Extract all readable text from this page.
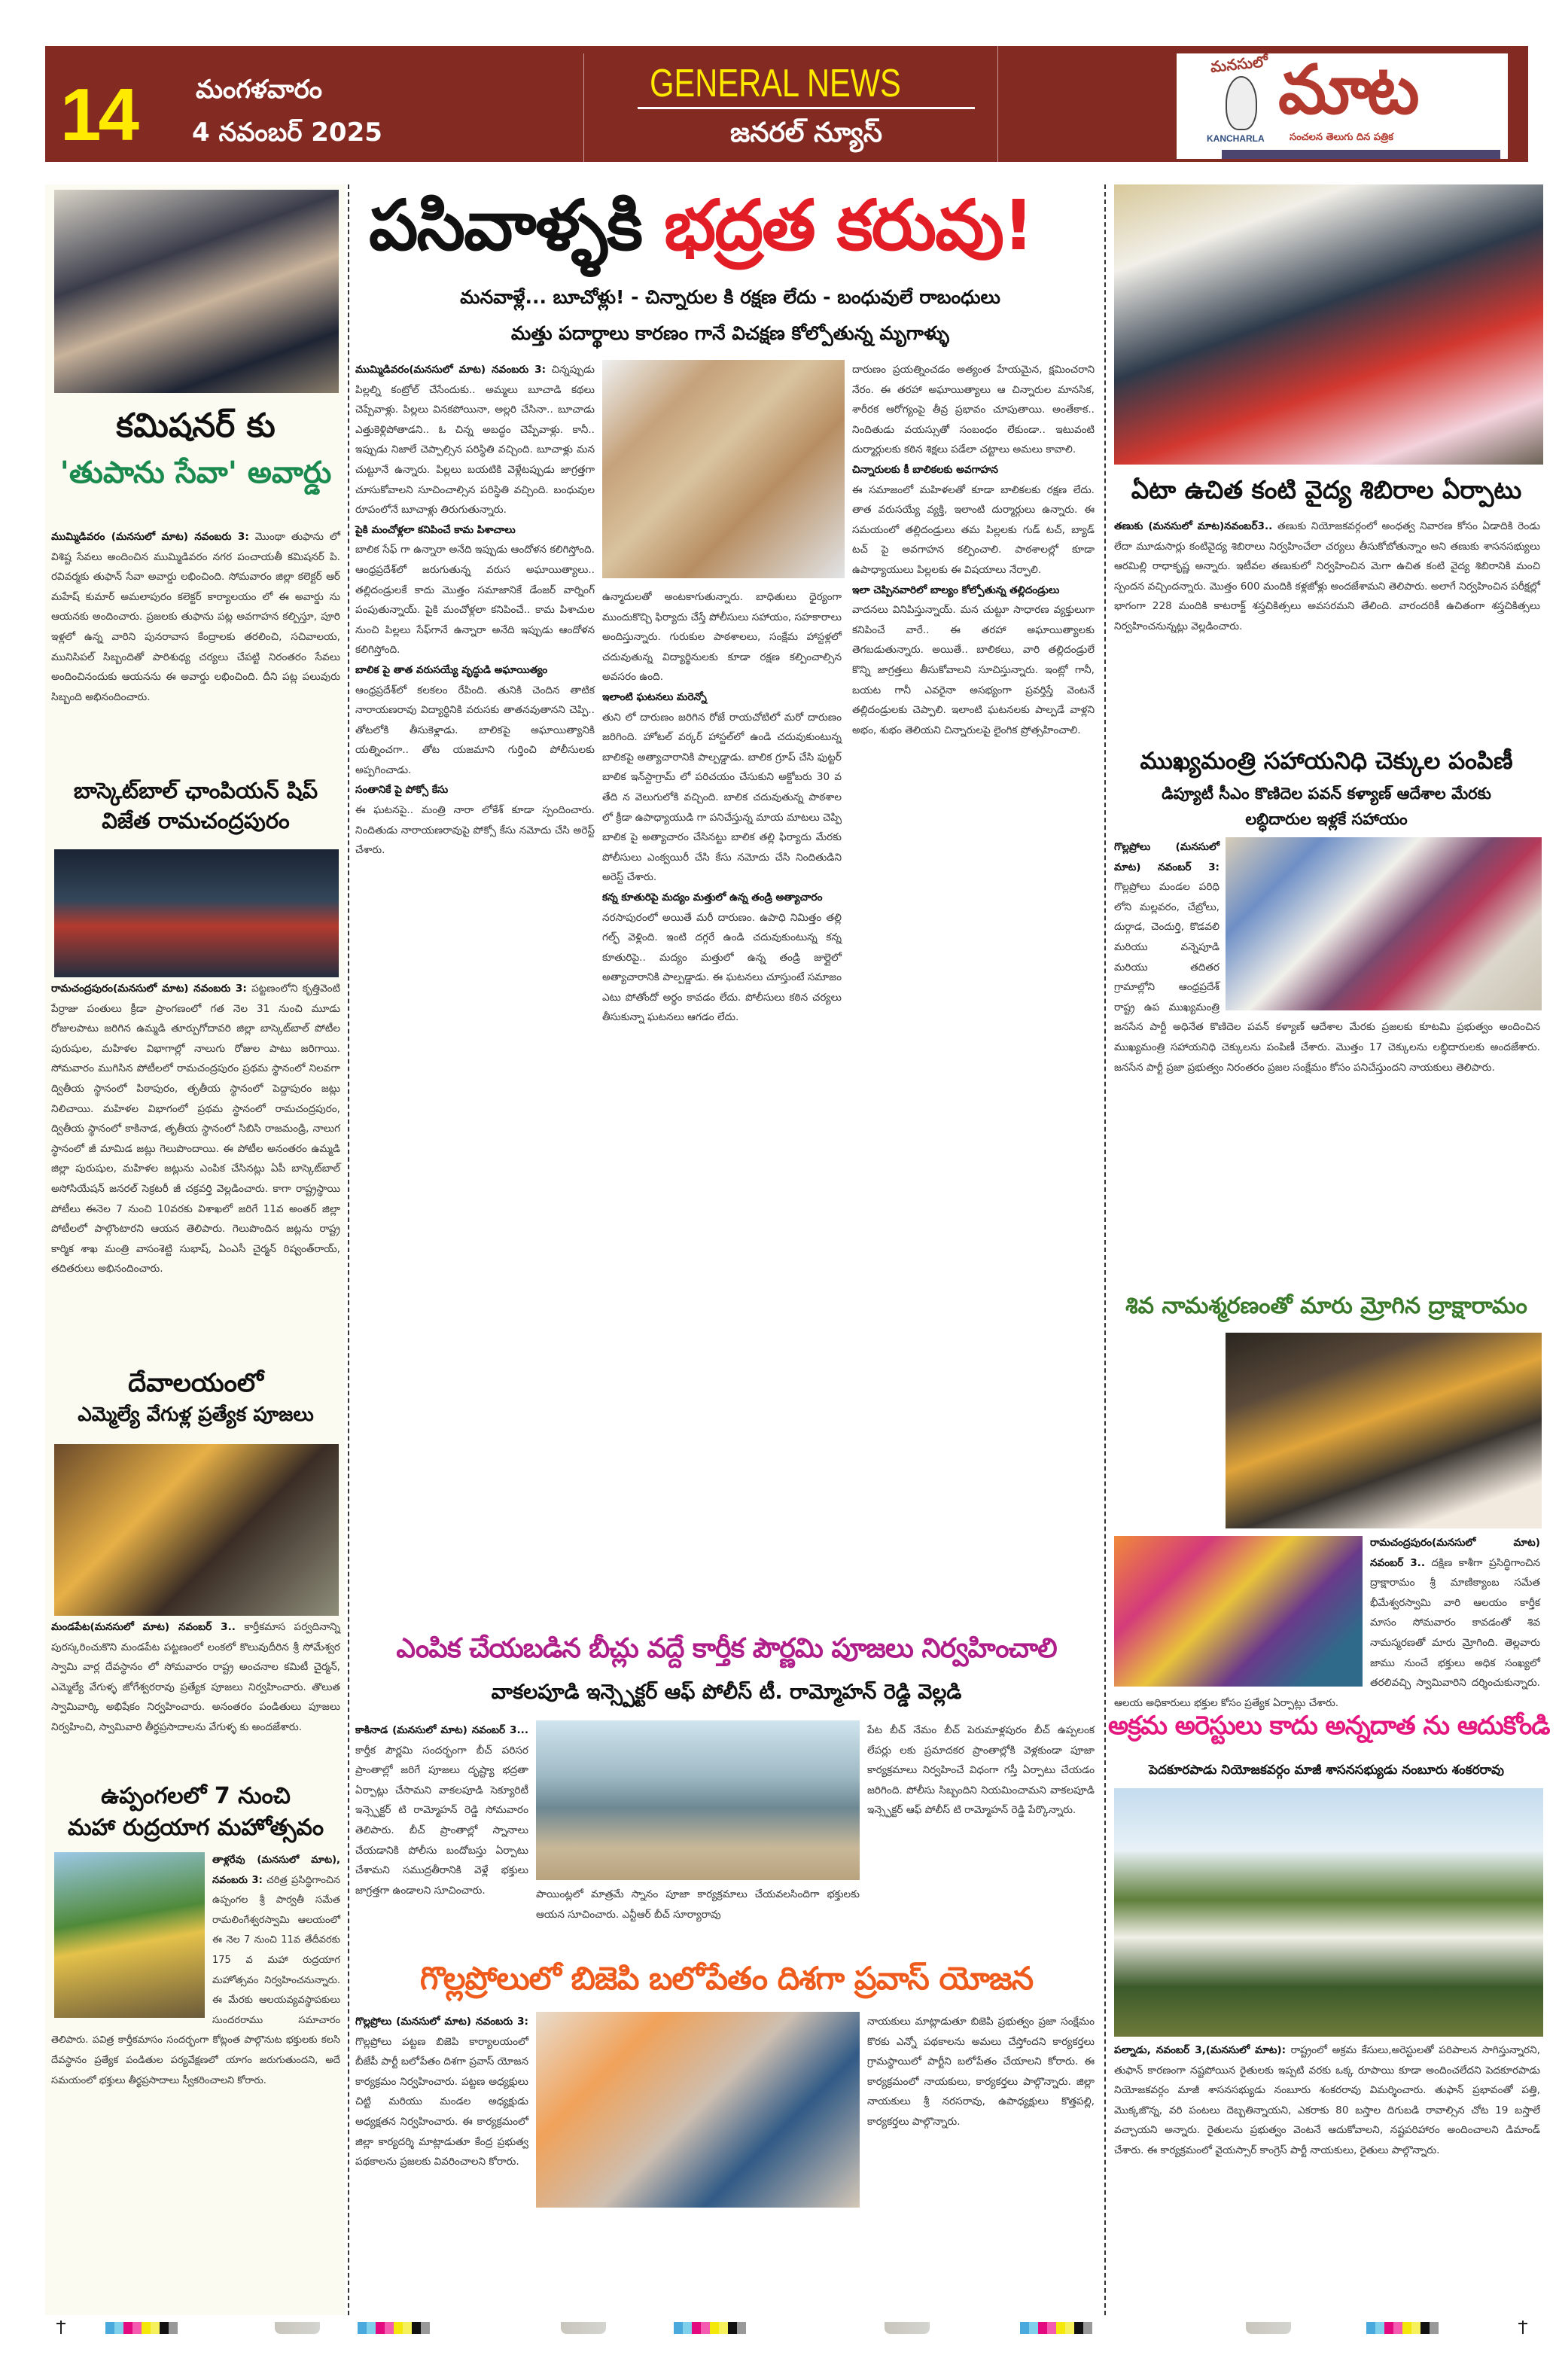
14 మంగళవారం
4 నవంబర్ 2025
GENERAL NEWS
జనరల్ న్యూస్
మనసులో మాట
KANCHARLA	సంచలన తెలుగు దిన పత్రిక
కమిషనర్ కు
'తుపాను సేవా' అవార్డు
ముమ్మిడివరం (మనసులో మాట) నవంబరు 3: మొంథా తుఫాను లో విశిష్ట సేవలు అందించిన ముమ్మిడివరం నగర పంచాయతీ కమిషనర్ పి. రవివర్మకు తుఫాన్ సేవా అవార్డు లభించింది. సోమవారం జిల్లా కలెక్టర్ ఆర్ మహేష్ కుమార్ అమలాపురం కలెక్టర్ కార్యాలయం లో ఈ అవార్డు ను ఆయనకు అందించారు. ప్రజలకు తుఫాను పట్ల అవగాహన కల్పిస్తూ, పూరి ఇళ్లలో ఉన్న వారిని పునరావాస కేంద్రాలకు తరలించి, సచివాలయ, మునిసిపల్ సిబ్బందితో పారిశుధ్య చర్యలు చేపట్టి నిరంతరం సేవలు అందించినందుకు ఆయనను ఈ అవార్డు లభించింది. దీని పట్ల పలువురు సిబ్బంది అభినందించారు.
బాస్కెట్‌బాల్ ఛాంపియన్ షిప్ విజేత రామచంద్రపురం
రామచంద్రపురం(మనసులో మాట) నవంబరు 3: పట్టణంలోని కృత్తివెంటి పేర్రాజు పంతులు క్రీడా ప్రాంగణంలో గత నెల 31 నుంచి మూడు రోజులపాటు జరిగిన ఉమ్మడి తూర్పుగోదావరి జిల్లా బాస్కెట్‌బాల్ పోటీల పురుషుల, మహిళల విభాగాల్లో నాలుగు రోజుల పాటు జరిగాయి. సోమవారం ముగిసిన పోటీలలో రామచంద్రపురం ప్రథమ స్థానంలో నిలవగా ద్వితీయ స్థానంలో పిఠాపురం, తృతీయ స్థానంలో పెద్దాపురం జట్లు నిలిచాయి. మహిళల విభాగంలో ప్రథమ స్థానంలో రామచంద్రపురం, ద్వితీయ స్థానంలో కాకినాడ, తృతీయ స్థానంలో సిబిసి రాజమండ్రి, నాలుగ స్థానంలో జీ మామిడ జట్లు గెలుపొందాయి. ఈ పోటీల అనంతరం ఉమ్మడి జిల్లా పురుషుల, మహిళల జట్లును ఎంపిక చేసినట్లు ఏపీ బాస్కెట్‌బాల్ అసోసియేషన్ జనరల్ సెక్రటరీ జీ చక్రవర్తి వెల్లడించారు. కాగా రాష్ట్రస్థాయి పోటీలు ఈనెల 7 నుంచి 10వరకు విశాఖలో జరిగే 11వ అంతర్ జిల్లా పోటీలలో పాల్గొంటారని ఆయన తెలిపారు. గెలుపొందిన జట్లను రాష్ట్ర కార్మిక శాఖ మంత్రి వాసంశెట్టి సుభాష్, ఏంఎసీ చైర్మన్ రిష్వంత్‌రాయ్, తదితరులు అభినందించారు.
దేవాలయంలో
ఎమ్మెల్యే వేగుళ్ల ప్రత్యేక పూజలు
మండపేట(మనసులో మాట) నవంబర్ 3.. కార్తీకమాస పర్వదినాన్ని పురస్కరించుకొని మండపేట పట్టణంలో లంకలో కొలువుదీరిన శ్రీ సోమేశ్వర స్వామి వార్ల దేవస్థానం లో సోమవారం రాష్ట్ర అంచనాల కమిటీ చైర్మన్, ఎమ్మెల్యే వేగుళ్ళ జోగేశ్వరరావు ప్రత్యేక పూజలు నిర్వహించారు. తొలుత స్వామివార్కి అభిషేకం నిర్వహించారు. అనంతరం పండితులు పూజలు నిర్వహించి, స్వామివారి తీర్థప్రసాదాలను వేగుళ్ళ కు అందజేశారు.
ఉప్పంగలలో 7 నుంచి
మహా రుద్రయాగ మహోత్సవం
తాళ్లరేవు (మనసులో మాట), నవంబరు 3: చరిత్ర ప్రసిద్ధిగాంచిన ఉప్పంగల శ్రీ పార్వతీ సమేత రామలింగేశ్వరస్వామి ఆలయంలో ఈ నెల 7 నుంచి 11వ తేదీవరకు 175 వ మహా రుద్రయాగ మహోత్సవం నిర్వహించనున్నారు. ఈ మేరకు ఆలయవ్యవస్థాపకులు సుందరరాము సమాచారం తెలిపారు. పవిత్ర కార్తీకమాసం సందర్భంగా కోట్లంత పాల్గొనుట భక్తులకు కలసి దేవస్థానం ప్రత్యేక పండితుల పర్యవేక్షణలో యాగం జరుగుతుందని, అదే సమయంలో భక్తులు తీర్థప్రసాదాలు స్వీకరించాలని కోరారు.
పసివాళ్ళకి భద్రత కరువు!
మనవాళ్లే... బూచోళ్లు! - చిన్నారుల కి రక్షణ లేదు - బంధువులే రాబంధులు
మత్తు పదార్థాలు కారణం గానే విచక్షణ కోల్పోతున్న మృగాళ్ళు
ముమ్మిడివరం(మనసులో మాట) నవంబరు 3: చిన్నప్పుడు పిల్లల్ని కంట్రోల్ చేసేందుకు.. అమ్మలు బూచాడి కథలు చెప్పేవాళ్లు. పిల్లలు వినకపోయినా, అల్లరి చేసినా.. బూచాడు ఎత్తుకెళ్లిపోతాడని.. ఓ చిన్న అబద్ధం చెప్పేవాళ్లు. కానీ.. ఇప్పుడు నిజాలే చెప్పాల్సిన పరిస్థితి వచ్చింది. బూచాళ్లు మన చుట్టూనే ఉన్నారు. పిల్లలు బయటికి వెళ్లేటప్పుడు జాగ్రత్తగా చూసుకోవాలని సూచించాల్సిన పరిస్థితి వచ్చింది. బంధువుల రూపంలోనే బూచాళ్లు తిరుగుతున్నారు.
పైకి మంచోళ్లలా కనిపించే కామ పిశాచాలు
బాలిక సేఫ్ గా ఉన్నారా అనేది ఇప్పుడు ఆందోళన కలిగిస్తోంది. ఆంధ్రప్రదేశ్‌లో జరుగుతున్న వరుస అఘాయిత్యాలు.. తల్లిదండ్రులకే కాదు మొత్తం సమాజానికే డేంజర్ వార్నింగ్ పంపుతున్నాయ్. పైకి మంచోళ్లలా కనిపించే.. కామ పిశాచుల నుంచి పిల్లలు సేఫ్‌గానే ఉన్నారా అనేది ఇప్పుడు ఆందోళన కలిగిస్తోంది.
బాలిక పై తాత వరుసయ్యే వృద్ధుడి అఘాయిత్యం
ఆంధ్రప్రదేశ్‌లో కలకలం రేపింది. తునికి చెందిన తాటిక నారాయణరావు విద్యార్థినికి వరుసకు తాతనవుతానని చెప్పి.. తోటలోకి తీసుకెళ్లాడు. బాలికపై అఘాయిత్యానికి యత్నించగా.. తోట యజమాని గుర్తించి పోలీసులకు అప్పగించాడు.
సంతానికే పై పోక్సో కేసు
ఈ ఘటనపై.. మంత్రి నారా లోకేశ్ కూడా స్పందించారు. నిందితుడు నారాయణరావుపై పోక్సో కేసు నమోదు చేసి అరెస్ట్ చేశారు.
ఉన్మాదులతో అంటకాగుతున్నారు. బాధితులు ధైర్యంగా ముందుకొచ్చి ఫిర్యాదు చేస్తే పోలీసులు సహాయం, సహకారాలు అందిస్తున్నారు. గురుకుల పాఠశాలలు, సంక్షేమ హాస్టళ్లలో చదువుతున్న విద్యార్థినులకు కూడా రక్షణ కల్పించాల్సిన అవసరం ఉంది.
ఇలాంటి ఘటనలు మరెన్నో
తుని లో దారుణం జరిగిన రోజే రాయచోటిలో మరో దారుణం జరిగింది. హోటల్ వర్కర్ హాస్టల్‌లో ఉండి చదువుకుంటున్న బాలికపై అత్యాచారానికి పాల్పడ్డాడు. బాలిక గ్రూప్ చేసి ఫుట్టర్ బాలిక ఇన్‌స్టాగ్రామ్ లో పరిచయం చేసుకుని అక్టోబరు 30 వ తేది న వెలుగులోకి వచ్చింది. బాలిక చదువుతున్న పాఠశాల లో క్రీడా ఉపాధ్యాయుడి గా పనిచేస్తున్న మాయ మాటలు చెప్పి బాలిక పై అత్యాచారం చేసినట్టు బాలిక తల్లి ఫిర్యాదు మేరకు పోలీసులు ఎంక్వయిరీ చేసి కేసు నమోదు చేసి నిందితుడిని అరెస్ట్ చేశారు.
కన్న కూతురిపై మద్యం మత్తులో ఉన్న తండ్రి అత్యాచారం
నరసాపురంలో అయితే మరీ దారుణం. ఉపాధి నిమిత్తం తల్లి గల్ఫ్ వెళ్లింది. ఇంటి దగ్గరే ఉండి చదువుకుంటున్న కన్న కూతురిపై.. మద్యం మత్తులో ఉన్న తండ్రి జుల్లైలో అత్యాచారానికి పాల్పడ్డాడు. ఈ ఘటనలు చూస్తుంటే సమాజం ఎటు పోతోందో అర్థం కావడం లేదు. పోలీసులు కఠిన చర్యలు తీసుకున్నా ఘటనలు ఆగడం లేదు.
దారుణం ప్రయత్నించడం అత్యంత హేయమైన, క్షమించరాని నేరం. ఈ తరహా అఘాయిత్యాలు ఆ చిన్నారుల మానసిక, శారీరక ఆరోగ్యంపై తీవ్ర ప్రభావం చూపుతాయి. అంతేకాక.. నిందితుడు వయస్సుతో సంబంధం లేకుండా.. ఇటువంటి దుర్మార్గులకు కఠిన శిక్షలు పడేలా చట్టాలు అమలు కావాలి.
చిన్నారులకు కీ బాలికలకు అవగాహన
ఈ సమాజంలో మహిళలతో కూడా బాలికలకు రక్షణ లేదు. తాత వరుసయ్యే వ్యక్తి, ఇలాంటి దుర్మార్గులు ఉన్నారు. ఈ సమయంలో తల్లిదండ్రులు తమ పిల్లలకు గుడ్ టచ్, బ్యాడ్ టచ్ పై అవగాహన కల్పించాలి. పాఠశాలల్లో కూడా ఉపాధ్యాయులు పిల్లలకు ఈ విషయాలు నేర్పాలి.
ఇలా చెప్పినవారిలో బాల్యం కోల్పోతున్న తల్లిదండ్రులు
వాదనలు వినిపిస్తున్నాయ్. మన చుట్టూ సాధారణ వ్యక్తులుగా కనిపించే వారే.. ఈ తరహా అఘాయిత్యాలకు తెగబడుతున్నారు. అయితే.. బాలికలు, వారి తల్లిదండ్రులే కొన్ని జాగ్రత్తలు తీసుకోవాలని సూచిస్తున్నారు. ఇంట్లో గానీ, బయట గానీ ఎవరైనా అసభ్యంగా ప్రవర్తిస్తే వెంటనే తల్లిదండ్రులకు చెప్పాలి. ఇలాంటి ఘటనలకు పాల్పడే వాళ్లని అభం, శుభం తెలియని చిన్నారులపై లైంగిక ప్రోత్సహించాలి.
ఎంపిక చేయబడిన బీచ్లు వద్దే కార్తీక పౌర్ణమి పూజలు నిర్వహించాలి
వాకలపూడి ఇన్స్పెక్టర్ ఆఫ్ పోలీస్ టీ. రామ్మోహన్ రెడ్డి వెల్లడి
కాకినాడ (మనసులో మాట) నవంబర్ 3... కార్తీక పౌర్ణమి సందర్భంగా బీచ్ పరిసర ప్రాంతాల్లో జరిగే పూజలు దృష్ట్యా భద్రతా ఏర్పాట్లు చేసామని వాకలపూడి సెక్యూరిటీ ఇన్స్పెక్టర్ టి రామ్మోహన్ రెడ్డి సోమవారం తెలిపారు. బీచ్ ప్రాంతాల్లో స్నానాలు చేయడానికి పోలీసు బందోబస్తు ఏర్పాటు చేశామని సముద్రతీరానికి వెళ్లే భక్తులు జాగ్రత్తగా ఉండాలని సూచించారు.	పాయింట్లలో మాత్రమే స్నానం పూజా కార్యక్రమాలు చేయవలసిందిగా భక్తులకు ఆయన సూచించారు. ఎన్టీఆర్ బీచ్ సూర్యారావు
పేట బీచ్ నేమం బీచ్ పెరుమాళ్లపురం బీచ్ ఉప్పలంక లేపర్లు లకు ప్రమాదకర ప్రాంతాల్లోకి వెళ్లకుండా పూజా కార్యక్రమాలు నిర్వహించే విధంగా గస్తీ ఏర్పాటు చేయడం జరిగింది. పోలీసు సిబ్బందిని నియమించామని వాకలపూడి ఇన్స్పెక్టర్ ఆఫ్ పోలీస్ టి రామ్మోహన్ రెడ్డి పేర్కొన్నారు.
గొల్లప్రోలులో బిజెపి బలోపేతం దిశగా ప్రవాస్ యోజన
గొల్లప్రోలు (మనసులో మాట) నవంబరు 3: గొల్లప్రోలు పట్టణ బిజెపి కార్యాలయంలో బీజేపీ పార్టీ బలోపేతం దిశగా ప్రవాస్ యోజన కార్యక్రమం నిర్వహించారు. పట్టణ అధ్యక్షులు చిట్టి మరియు మండల అధ్యక్షుడు అధ్యక్షతన నిర్వహించారు. ఈ కార్యక్రమంలో జిల్లా కార్యదర్శి మాట్లాడుతూ కేంద్ర ప్రభుత్వ పథకాలను ప్రజలకు వివరించాలని కోరారు.
నాయకులు మాట్లాడుతూ బిజెపి ప్రభుత్వం ప్రజా సంక్షేమం కొరకు ఎన్నో పథకాలను అమలు చేస్తోందని కార్యకర్తలు గ్రామస్థాయిలో పార్టీని బలోపేతం చేయాలని కోరారు. ఈ కార్యక్రమంలో నాయకులు, కార్యకర్తలు పాల్గొన్నారు. జిల్లా నాయకులు శ్రీ నరసరావు, ఉపాధ్యక్షులు కొత్తపల్లి, కార్యకర్తలు పాల్గొన్నారు.
ఏటా ఉచిత కంటి వైద్య శిబిరాల ఏర్పాటు
తణుకు (మనసులో మాట)నవంబర్3.. తణుకు నియోజకవర్గంలో అంధత్వ నివారణ కోసం ఏడాదికి రెండు లేదా మూడుసార్లు కంటివైద్య శిబిరాలు నిర్వహించేలా చర్యలు తీసుకోబోతున్నాం అని తణుకు శాసనసభ్యులు ఆరమిల్లి రాధాకృష్ణ అన్నారు. ఇటీవల తణుకులో నిర్వహించిన మెగా ఉచిత కంటి వైద్య శిబిరానికి మంచి స్పందన వచ్చిందన్నారు. మొత్తం 600 మందికి కళ్లజోళ్లు అందజేశామని తెలిపారు. అలాగే నిర్వహించిన పరీక్షల్లో భాగంగా 228 మందికి కాటరాక్ట్ శస్త్రచికిత్సలు అవసరమని తేలింది. వారందరికీ ఉచితంగా శస్త్రచికిత్సలు నిర్వహించనున్నట్లు వెల్లడించారు.
ముఖ్యమంత్రి సహాయనిధి చెక్కుల పంపిణీ
డిప్యూటీ సీఎం కొణిదెల పవన్ కళ్యాణ్ ఆదేశాల మేరకు
లబ్ధిదారుల ఇళ్లకే సహాయం
గొల్లప్రోలు (మనసులో మాట) నవంబర్ 3: గొల్లప్రోలు మండల పరిధి లోని మల్లవరం, చేబ్రోలు, దుర్గాడ, చెందుర్తి, కొడవలి మరియు వన్నెపూడి మరియు తదితర గ్రామాల్లోని ఆంధ్రప్రదేశ్ రాష్ట్ర ఉప ముఖ్యమంత్రి జనసేన పార్టీ అధినేత కొణిదెల పవన్ కళ్యాణ్ ఆదేశాల మేరకు ప్రజలకు కూటమి ప్రభుత్వం అందించిన ముఖ్యమంత్రి సహాయనిధి చెక్కులను పంపిణీ చేశారు. మొత్తం 17 చెక్కులను లబ్ధిదారులకు అందజేశారు. జనసేన పార్టీ ప్రజా ప్రభుత్వం నిరంతరం ప్రజల సంక్షేమం కోసం పనిచేస్తుందని నాయకులు తెలిపారు.
శివ నామశ్మరణంతో మారు మ్రోగిన ద్రాక్షారామం
రామచంద్రపురం(మనసులో మాట) నవంబర్ 3.. దక్షిణ కాశీగా ప్రసిద్ధిగాంచిన ద్రాక్షారామం శ్రీ మాణిక్యాంబ సమేత భీమేశ్వరస్వామి వారి ఆలయం కార్తీక మాసం సోమవారం కావడంతో శివ నామస్మరణతో మారు మ్రోగింది. తెల్లవారు జాము నుంచే భక్తులు అధిక సంఖ్యలో తరలివచ్చి స్వామివారిని దర్శించుకున్నారు. ఆలయ అధికారులు భక్తుల కోసం ప్రత్యేక ఏర్పాట్లు చేశారు.
అక్రమ అరెస్టులు కాదు అన్నదాత ను ఆదుకోండి
పెదకూరపాడు నియోజకవర్గం మాజీ శాసనసభ్యుడు నంబూరు శంకరరావు
పల్నాడు, నవంబర్ 3,(మనసులో మాట): రాష్ట్రంలో అక్రమ కేసులు,అరెస్టులతో పరిపాలన సాగిస్తున్నారని, తుఫాన్ కారణంగా నష్టపోయిన రైతులకు ఇప్పటి వరకు ఒక్క రూపాయి కూడా అందించలేదని పెదకూరపాడు నియోజకవర్గం మాజీ శాసనసభ్యుడు నంబూరు శంకరరావు విమర్శించారు. తుఫాన్ ప్రభావంతో పత్తి, మొక్కజొన్న, వరి పంటలు దెబ్బతిన్నాయని, ఎకరాకు 80 బస్తాల దిగుబడి రావాల్సిన చోట 19 బస్తాలే వచ్చాయని అన్నారు. రైతులను ప్రభుత్వం వెంటనే ఆదుకోవాలని, నష్టపరిహారం అందించాలని డిమాండ్ చేశారు. ఈ కార్యక్రమంలో వైయస్సార్ కాంగ్రెస్ పార్టీ నాయకులు, రైతులు పాల్గొన్నారు.
